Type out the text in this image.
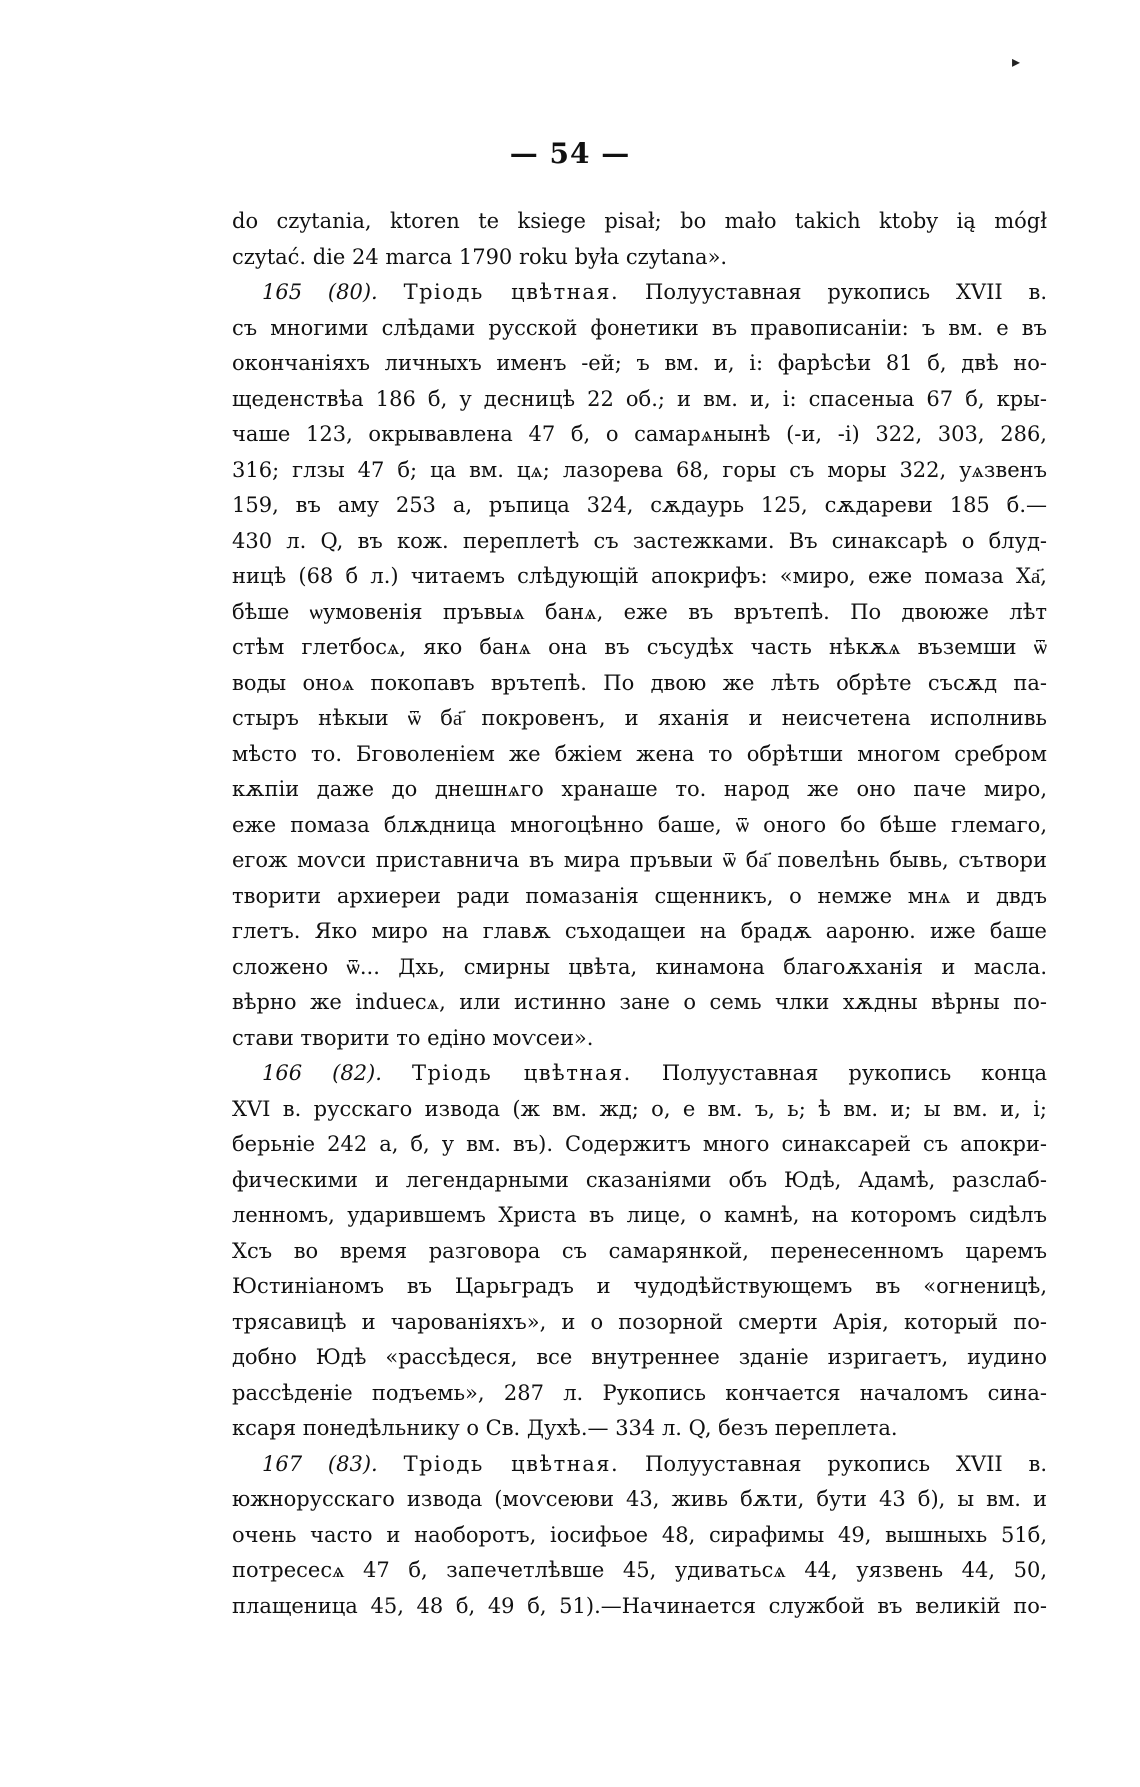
▸
— 54 —
do czytania, ktoren te ksiege pisał; bo mało takich ktoby ią mógł
czytać. die 24 marca 1790 roku była czytana».
165 (80). Тріодь цвѣтная. Полууставная рукопись XVII в.
съ многими слѣдами русской фонетики въ правописаніи: ъ вм. е въ
окончаніяхъ личныхъ именъ -ей; ъ вм. и, і: фарѣсѣи 81 б, двѣ но-
щеденствѣа 186 б, у десницѣ 22 об.; и вм. и, і: спасеныа 67 б, кры-
чаше 123, окрывавлена 47 б, о самарѧнынѣ (-и, -і) 322, 303, 286,
316; глзы 47 б; ца вм. цѧ; лазорева 68, горы съ моры 322, уѧзвенъ
159, въ аму 253 а, ръпица 324, сѫдаурь 125, сѫдареви 185 б.—
430 л. Q, въ кож. переплетѣ съ застежками. Въ синаксарѣ о блуд-
ницѣ (68 б л.) читаемъ слѣдующій апокрифъ: «миро, еже помаза Ха҃,
бѣше ѡумовенія пръвыѧ банѧ, еже въ врътепѣ. По двоюже лѣт
стѣм глетбосѧ, яко банѧ она въ съсудѣх часть нѣкѫѧ въземши ѿ
воды оноѧ покопавъ врътепѣ. По двою же лѣть обрѣте съсѫд па-
стыръ нѣкыи ѿ ба҃ покровенъ, и яханія и неисчетена исполнивь
мѣсто то. Бговоленіем же бжіем жена то обрѣтши многом сребром
кѫпіи даже до днешнѧго хранаше то. народ же оно паче миро,
еже помаза блѫдница многоцѣнно баше, ѿ оного бо бѣше глемаго,
егож моѵси приставнича въ мира пръвыи ѿ ба҃ повелѣнь бывь, сътвори
творити архиереи ради помазанія сщенникъ, о немже мнѧ и двдъ
глетъ. Яко миро на главѫ съходащеи на брадѫ аароню. иже баше
сложено ѿ... Дхь, смирны цвѣта, кинамона благоѫханія и масла.
вѣрно же induecѧ, или истинно зане о семь члки хѫдны вѣрны по-
стави творити то едіно моѵсеи».
166 (82). Тріодь цвѣтная. Полууставная рукопись конца
XVI в. русскаго извода (ж вм. жд; о, е вм. ъ, ь; ѣ вм. и; ы вм. и, і;
берьніе 242 а, б, у вм. въ). Содержитъ много синаксарей съ апокри-
фическими и легендарными сказаніями объ Юдѣ, Адамѣ, разслаб-
ленномъ, ударившемъ Христа въ лице, о камнѣ, на которомъ сидѣлъ
Хсъ во время разговора съ самарянкой, перенесенномъ царемъ
Юстиніаномъ въ Царьградъ и чудодѣйствующемъ въ «огненицѣ,
трясавицѣ и чарованіяхъ», и о позорной смерти Арія, который по-
добно Юдѣ «рассѣдеся, все внутреннее зданіе изригаетъ, иудино
рассѣденіе подъемь», 287 л. Рукопись кончается началомъ сина-
ксаря понедѣльнику о Св. Духѣ.— 334 л. Q, безъ переплета.
167 (83). Тріодь цвѣтная. Полууставная рукопись XVII в.
южнорусскаго извода (моѵсеюви 43, живь бѫти, бути 43 б), ы вм. и
очень часто и наоборотъ, іосифьое 48, сирафимы 49, вышныхь 51б,
потресесѧ 47 б, запечетлѣвше 45, удиватьсѧ 44, уязвень 44, 50,
плащеница 45, 48 б, 49 б, 51).—Начинается службой въ великій по-
